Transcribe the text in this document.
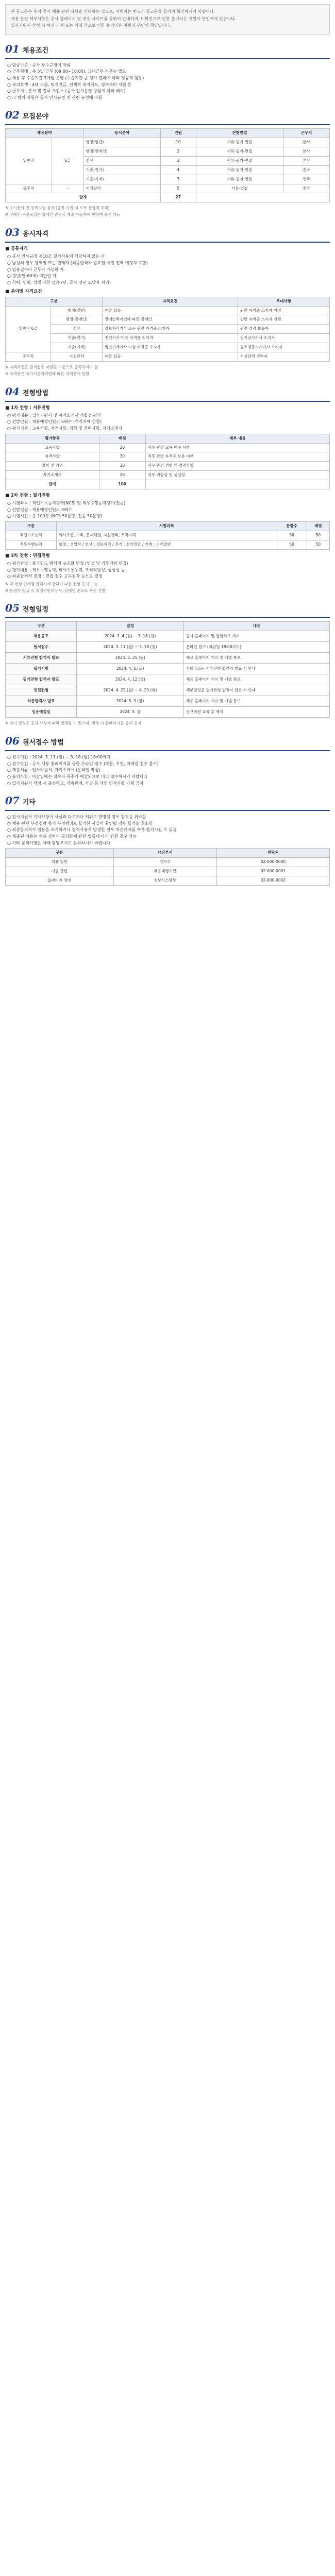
본 공고문은 우리 공사 채용 관련 사항을 안내하는 것으로, 지원자는 반드시 공고문을 끝까지 확인하시기 바랍니다.

채용 관련 세부사항은 공사 홈페이지 및 채용 사이트를 통하여 안내하며, 미확인으로 인한 불이익은 지원자 본인에게 있습니다.

입사지원서 작성 시 허위 기재 또는 기재 착오로 인한 불이익은 지원자 본인의 책임입니다.

01 채용조건
○ 임금수준 : 공사 보수규정에 따름
○ 근무형태 : 주 5일 근무 (09:00~18:00), 교대근무 직무는 별도
○ 채용 후 수습기간 3개월 운영 (수습기간 중 평가 결과에 따라 정규직 임용)
○ 복리후생 : 4대 보험, 퇴직연금, 선택적 복지제도, 경조사비 지원 등
○ 근무지 : 본사 및 전국 사업소 (공사 인사운영 방침에 따라 배치)
○ 그 밖의 사항은 공사 인사규정 및 관련 규정에 따름
02 모집분야
채용분야		응시분야	인원	전형방법	근무지
일반직	6급	행정(일반)	10	서류-필기-면접	본사
		행정(장애인)	2	서류-필기-면접	본사
		전산	3	서류-필기-면접	본사
		기술(전기)	4	서류-필기-면접	전국
		기술(기계)	3	서류-필기-면접	전국
공무직	-	시설관리	5	서류-면접	전국
합계			27		

※ 응시분야 간 중복지원 불가 (중복 지원 시 모두 불합격 처리)

※ 장애인 구분모집은 장애인 증명서 제출 가능자에 한하여 응시 가능

03 응시자격
■ 공통자격
○ 공사 인사규정 제10조 결격사유에 해당하지 않는 자
○ 남성의 경우 병역필 또는 면제자 (최종합격자 발표일 이전 전역 예정자 포함)
○ 임용일부터 근무가 가능한 자
○ 정년(만 60세) 미만인 자
○ 학력, 연령, 성별 제한 없음 (단, 공사 정년 도달자 제외)
■ 분야별 자격요건
구분		자격요건	우대사항
일반직 6급	행정(일반)	제한 없음	관련 자격증 소지자 가점
	행정(장애인)	장애인복지법에 따른 장애인	관련 자격증 소지자 가점
	전산	정보처리기사 또는 관련 자격증 소지자	관련 경력 보유자
	기술(전기)	전기기사 이상 자격증 소지자	전기공사기사 소지자
	기술(기계)	일반기계기사 이상 자격증 소지자	공조냉동기계기사 소지자
공무직	시설관리	제한 없음	시설관리 경력자

※ 자격요건은 원서접수 마감일 기준으로 충족하여야 함

※ 자격증은 국가기술자격법에 따른 자격증에 한함

04 전형방법
■ 1차 전형 : 서류전형
○ 평가내용 : 입사지원서 및 자기소개서 적합성 평가
○ 선발인원 : 채용예정인원의 5배수 (적격자에 한함)
○ 평가기준 : 교육사항, 자격사항, 경험 및 경력사항, 자기소개서
평가항목	배점	세부 내용
교육사항	20	직무 관련 교육 이수 사항
자격사항	30	직무 관련 자격증 보유 여부
경험 및 경력	30	직무 관련 경험 및 경력사항
자기소개서	20	직무 적합성 및 성실성
합계	100	
■ 2차 전형 : 필기전형
○ 시험과목 : 직업기초능력평가(NCS) 및 직무수행능력평가(전공)
○ 선발인원 : 채용예정인원의 3배수
○ 시험시간 : 총 100분 (NCS 50문항, 전공 50문항)
구분	시험과목	문항수	배점
직업기초능력	의사소통, 수리, 문제해결, 자원관리, 조직이해	50	50
직무수행능력	행정 : 경영학 / 전산 : 정보처리 / 전기 : 전기일반 / 기계 : 기계일반	50	50
■ 3차 전형 : 면접전형
○ 평가방법 : 블라인드 방식의 구조화 면접 (인성 및 직무역량 면접)
○ 평가내용 : 직무수행능력, 의사소통능력, 조직적합성, 성실성 등
○ 최종합격자 결정 : 면접 점수 고득점자 순으로 결정

※ 각 전형 단계별 합격자에 한하여 다음 전형 응시 가능

※ 동점자 발생 시 취업지원대상자, 장애인 순으로 우선 선발

05 전형일정
구분	일정	내용
채용공고	2024. 3. 4.(월) ~ 3. 18.(월)	공사 홈페이지 및 잡알리오 게시
원서접수	2024. 3. 11.(월) ~ 3. 18.(월)	온라인 접수 (마감일 18:00까지)
서류전형 합격자 발표	2024. 3. 25.(월)	채용 홈페이지 게시 및 개별 통보
필기시험	2024. 4. 6.(토)	시험장소는 서류전형 합격자 발표 시 안내
필기전형 합격자 발표	2024. 4. 12.(금)	채용 홈페이지 게시 및 개별 통보
면접전형	2024. 4. 22.(월) ~ 4. 23.(화)	세부일정은 필기전형 합격자 발표 시 안내
최종합격자 발표	2024. 5. 3.(금)	채용 홈페이지 게시 및 개별 통보
임용예정일	2024. 5. 중	신규직원 교육 후 배치

※ 상기 일정은 공사 사정에 따라 변경될 수 있으며, 변경 시 홈페이지를 통해 공지

06 원서접수 방법
○ 접수기간 : 2024. 3. 11.(월) ~ 3. 18.(월) 18:00까지
○ 접수방법 : 공사 채용 홈페이지를 통한 온라인 접수 (방문, 우편, 이메일 접수 불가)
○ 제출서류 : 입사지원서, 자기소개서 (온라인 작성)
○ 유의사항 : 마감일에는 접속자 폭주가 예상되므로 미리 접수하시기 바랍니다
○ 입사지원서 작성 시 출신학교, 가족관계, 사진 등 개인 인적사항 기재 금지
07 기타
○ 입사지원서 기재사항이 사실과 다르거나 허위로 판명될 경우 합격을 취소함
○ 채용 관련 부정청탁 등의 부정행위로 합격한 사실이 확인될 경우 합격을 취소함
○ 최종합격자가 임용을 포기하거나 결격사유가 발생한 경우 차순위자를 추가 합격시킬 수 있음
○ 제출된 서류는 채용 절차의 공정화에 관한 법률에 따라 반환 청구 가능
○ 기타 문의사항은 아래 담당부서로 문의하시기 바랍니다
구분	담당부서	연락처
채용 일반	인사부	02-000-0000
시험 관련	채용대행기관	02-000-0001
홈페이지 장애	정보시스템부	02-000-0002
